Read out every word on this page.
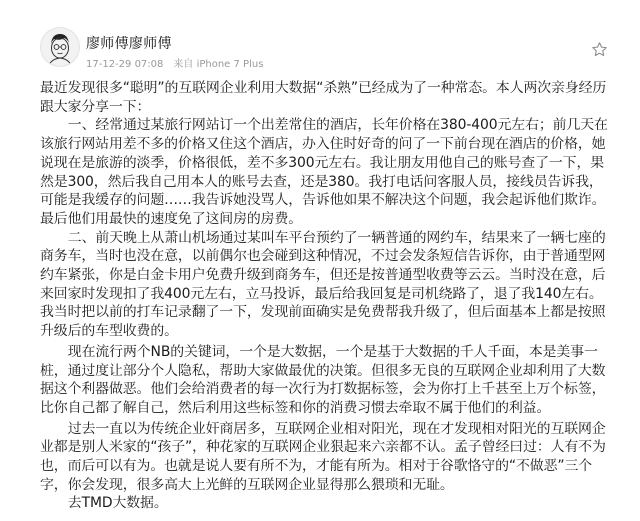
廖师傅廖师傅
17-12-29 07:08 来自 iPhone 7 Plus

最近发现很多“聪明”的互联网企业利用大数据“杀熟”已经成为了一种常态。本人两次亲身经历跟大家分享一下：

一、经常通过某旅行网站订一个出差常住的酒店，长年价格在380-400元左右；前几天在该旅行网站用差不多的价格又住这个酒店，办入住时好奇的问了一下前台现在酒店的价格，她说现在是旅游的淡季，价格很低，差不多300元左右。我让朋友用他自己的账号查了一下，果然是300，然后我自己用本人的账号去查，还是380。我打电话问客服人员，接线员告诉我，可能是我缓存的问题……我告诉她没骂人，告诉他如果不解决这个问题，我会起诉他们欺诈。最后他们用最快的速度免了这间房的房费。

二、前天晚上从萧山机场通过某叫车平台预约了一辆普通的网约车，结果来了一辆七座的商务车，当时也没在意，以前偶尔也会碰到这种情况，不过会发条短信告诉你，由于普通型网约车紧张，你是白金卡用户免费升级到商务车，但还是按普通型收费等云云。当时没在意，后来回家时发现扣了我400元左右，立马投诉，最后给我回复是司机绕路了，退了我140左右。我当时把以前的打车记录翻了一下，发现前面确实是免费帮我升级了，但后面基本上都是按照升级后的车型收费的。

现在流行两个NB的关键词，一个是大数据，一个是基于大数据的千人千面，本是美事一桩，通过度让部分个人隐私，帮助大家做最优的决策。但很多无良的互联网企业却利用了大数据这个利器做恶。他们会给消费者的每一次行为打数据标签，会为你打上千甚至上万个标签，比你自己都了解自己，然后利用这些标签和你的消费习惯去牵取不属于他们的利益。

过去一直以为传统企业奸商居多，互联网企业相对阳光，现在才发现相对阳光的互联网企业都是别人米家的“孩子”，种花家的互联网企业狠起来六亲都不认。孟子曾经曰过：人有不为也，而后可以有为。也就是说人要有所不为，才能有所为。相对于谷歌恪守的“不做恶”三个字，你会发现，很多高大上光鲜的互联网企业显得那么猥琐和无耻。

去TMD大数据。
